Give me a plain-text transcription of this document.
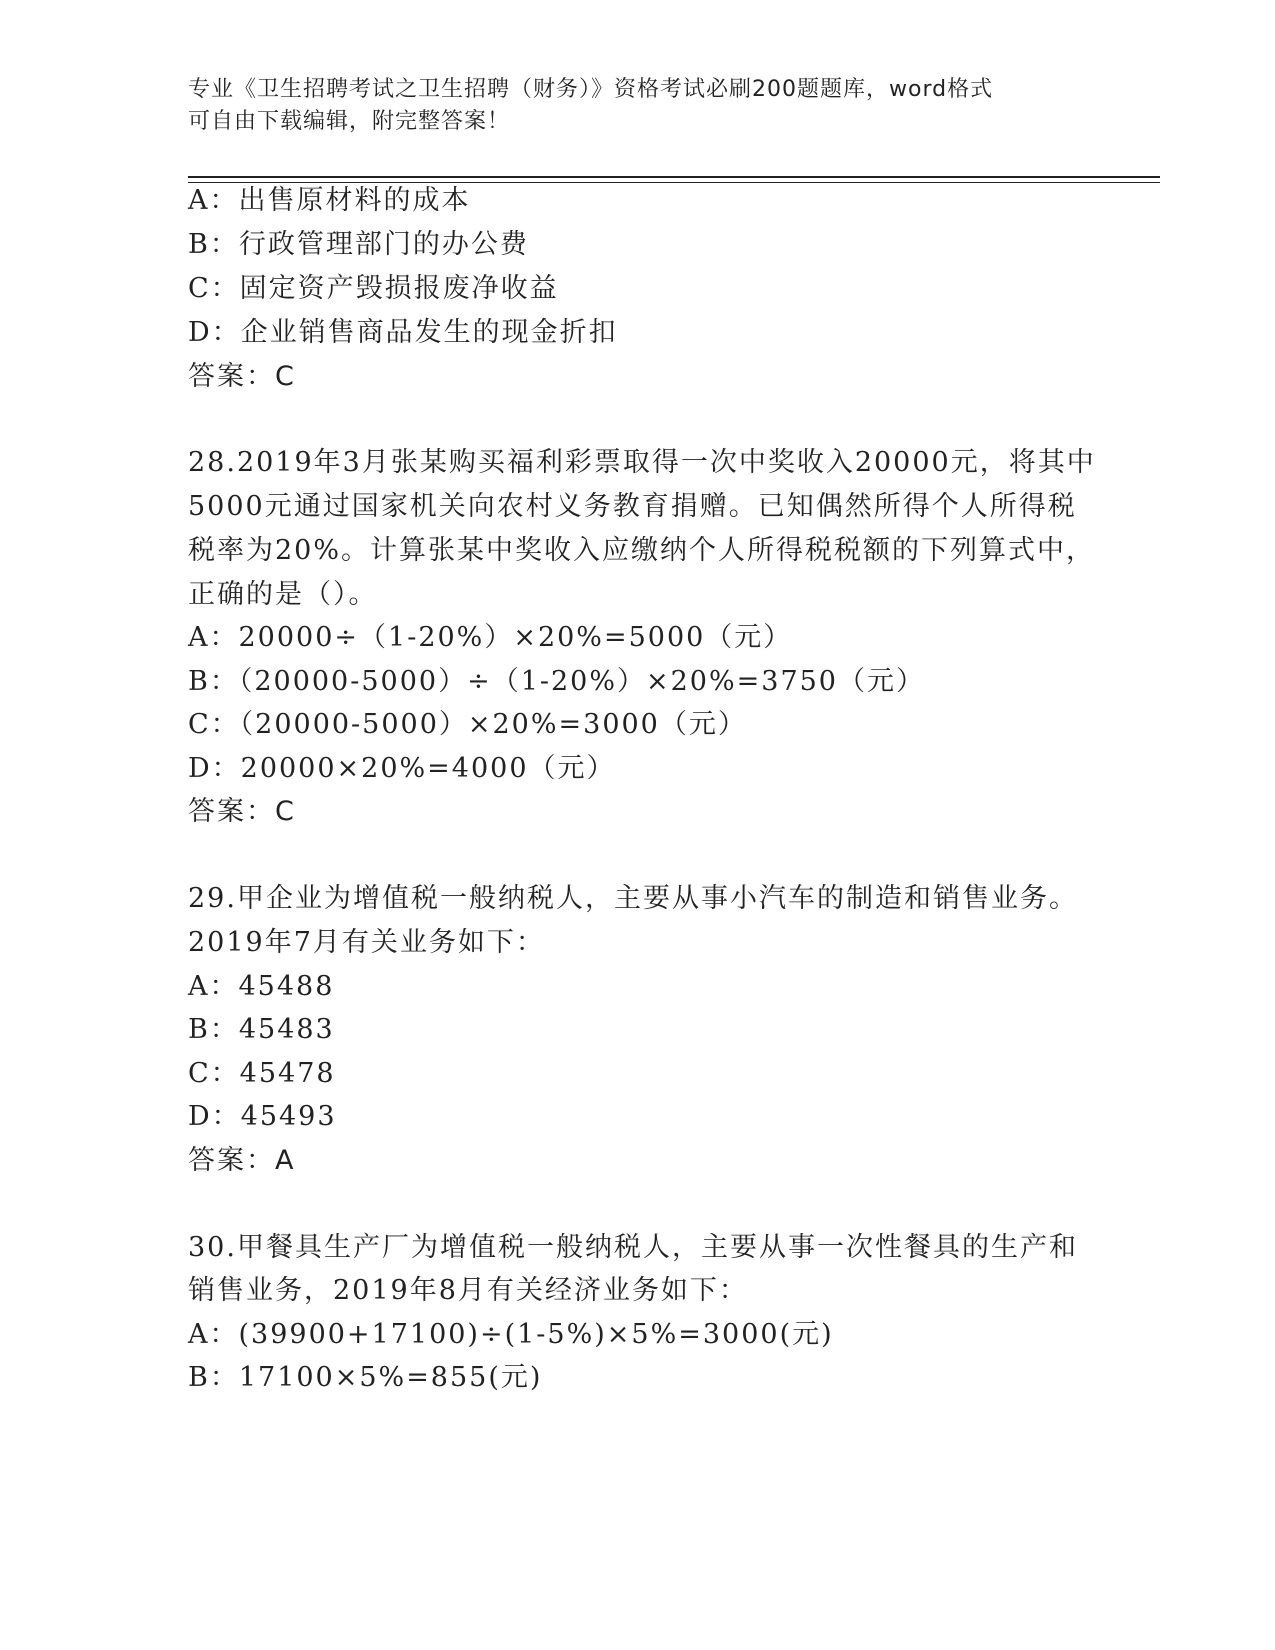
专业《卫生招聘考试之卫生招聘（财务）》资格考试必刷200题题库，word格式
可自由下载编辑，附完整答案！
A：出售原材料的成本
B：行政管理部门的办公费
C：固定资产毁损报废净收益
D：企业销售商品发生的现金折扣
答案：C
28.2019年3月张某购买福利彩票取得一次中奖收入20000元，将其中
5000元通过国家机关向农村义务教育捐赠。已知偶然所得个人所得税
税率为20%。计算张某中奖收入应缴纳个人所得税税额的下列算式中，
正确的是（）。
A：20000÷（1-20%）×20%=5000（元）
B：（20000-5000）÷（1-20%）×20%=3750（元）
C：（20000-5000）×20%=3000（元）
D：20000×20%=4000（元）
答案：C
29.甲企业为增值税一般纳税人，主要从事小汽车的制造和销售业务。
2019年7月有关业务如下：
A：45488
B：45483
C：45478
D：45493
答案：A
30.甲餐具生产厂为增值税一般纳税人，主要从事一次性餐具的生产和
销售业务，2019年8月有关经济业务如下：
A：(39900+17100)÷(1-5%)×5%=3000(元)
B：17100×5%=855(元)
